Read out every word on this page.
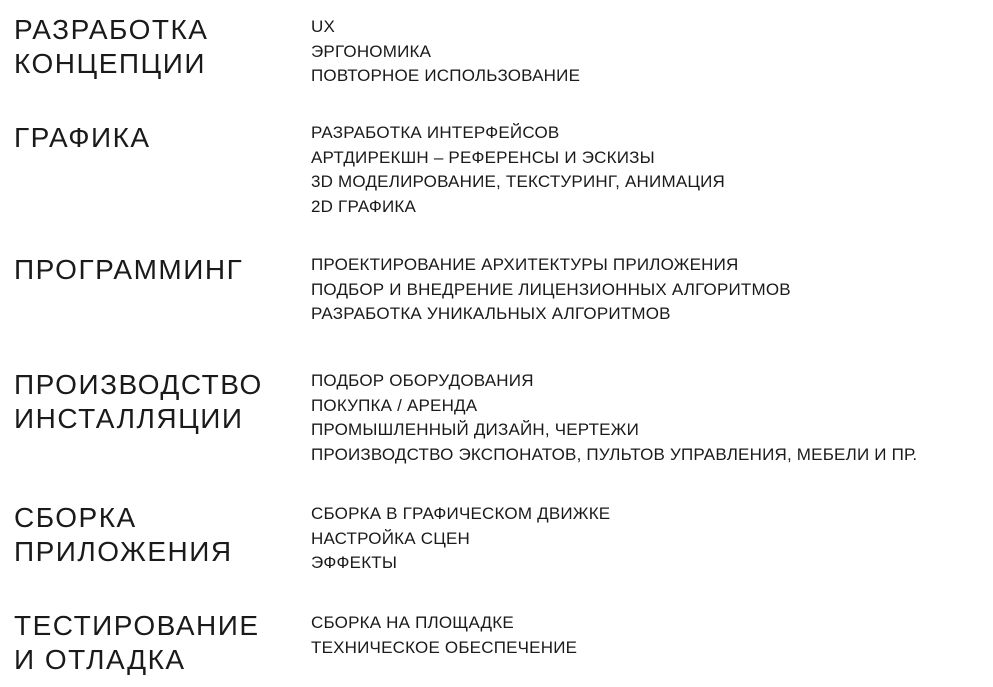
РАЗРАБОТКА
КОНЦЕПЦИИ
UX
ЭРГОНОМИКА
ПОВТОРНОЕ ИСПОЛЬЗОВАНИЕ
ГРАФИКА	РАЗРАБОТКА ИНТЕРФЕЙСОВ
АРТДИРЕКШН – РЕФЕРЕНСЫ И ЭСКИЗЫ
3D МОДЕЛИРОВАНИЕ, ТЕКСТУРИНГ, АНИМАЦИЯ
2D ГРАФИКА
ПРОГРАММИНГ	ПРОЕКТИРОВАНИЕ АРХИТЕКТУРЫ ПРИЛОЖЕНИЯ
ПОДБОР И ВНЕДРЕНИЕ ЛИЦЕНЗИОННЫХ АЛГОРИТМОВ
РАЗРАБОТКА УНИКАЛЬНЫХ АЛГОРИТМОВ
ПРОИЗВОДСТВО
ИНСТАЛЛЯЦИИ
ПОДБОР ОБОРУДОВАНИЯ
ПОКУПКА / АРЕНДА
ПРОМЫШЛЕННЫЙ ДИЗАЙН, ЧЕРТЕЖИ
ПРОИЗВОДСТВО ЭКСПОНАТОВ, ПУЛЬТОВ УПРАВЛЕНИЯ, МЕБЕЛИ И ПР.
СБОРКА
ПРИЛОЖЕНИЯ
СБОРКА В ГРАФИЧЕСКОМ ДВИЖКЕ
НАСТРОЙКА СЦЕН
ЭФФЕКТЫ
ТЕСТИРОВАНИЕ
И ОТЛАДКА
СБОРКА НА ПЛОЩАДКЕ
ТЕХНИЧЕСКОЕ ОБЕСПЕЧЕНИЕ
